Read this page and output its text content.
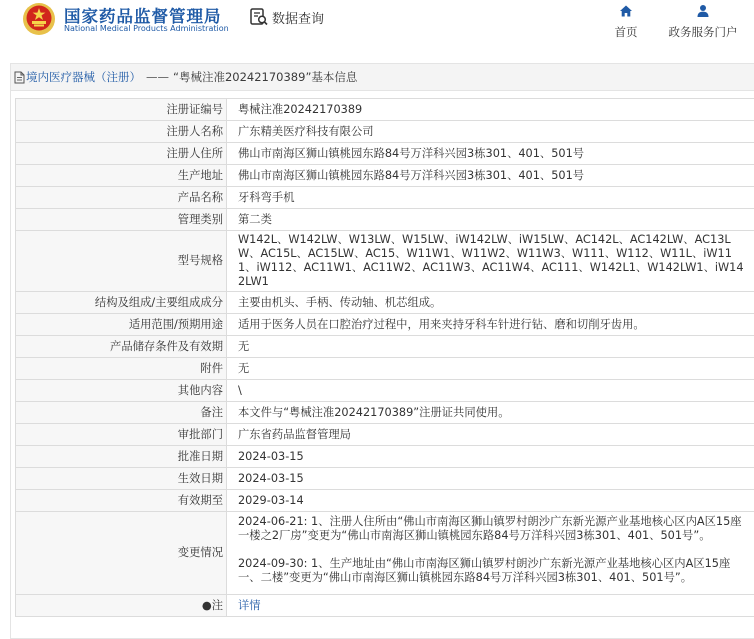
国家药品监督管理局
National Medical Products Administration
数据查询
首页	政务服务门户
境内医疗器械（注册） —— “粤械注准20242170389”基本信息
注册证编号	粤械注准20242170389
注册人名称	广东精美医疗科技有限公司
注册人住所	佛山市南海区狮山镇桃园东路84号万洋科兴园3栋301、401、501号
生产地址	佛山市南海区狮山镇桃园东路84号万洋科兴园3栋301、401、501号
产品名称	牙科弯手机
管理类别	第二类
型号规格	W142L、W142LW、W13LW、W15LW、iW142LW、iW15LW、AC142L、AC142LW、AC13LW、AC15L、AC15LW、AC15、W11W1、W11W2、W11W3、W111、W112、W11L、iW111、iW112、AC11W1、AC11W2、AC11W3、AC11W4、AC111、W142L1、W142LW1、iW142LW1
结构及组成/主要组成成分	主要由机头、手柄、传动轴、机芯组成。
适用范围/预期用途	适用于医务人员在口腔治疗过程中，用来夹持牙科车针进行钻、磨和切削牙齿用。
产品储存条件及有效期	无
附件	无
其他内容	\
备注	本文件与“粤械注准20242170389”注册证共同使用。
审批部门	广东省药品监督管理局
批准日期	2024-03-15
生效日期	2024-03-15
有效期至	2029-03-14
变更情况	2024-06-21: 1、注册人住所由“佛山市南海区狮山镇罗村朗沙广东新光源产业基地核心区内A区15座一楼之2厂房”变更为“佛山市南海区狮山镇桃园东路84号万洋科兴园3栋301、401、501号”。

2024-09-30: 1、生产地址由“佛山市南海区狮山镇罗村朗沙广东新光源产业基地核心区内A区15座一、二楼”变更为“佛山市南海区狮山镇桃园东路84号万洋科兴园3栋301、401、501号”。

●注	详情
